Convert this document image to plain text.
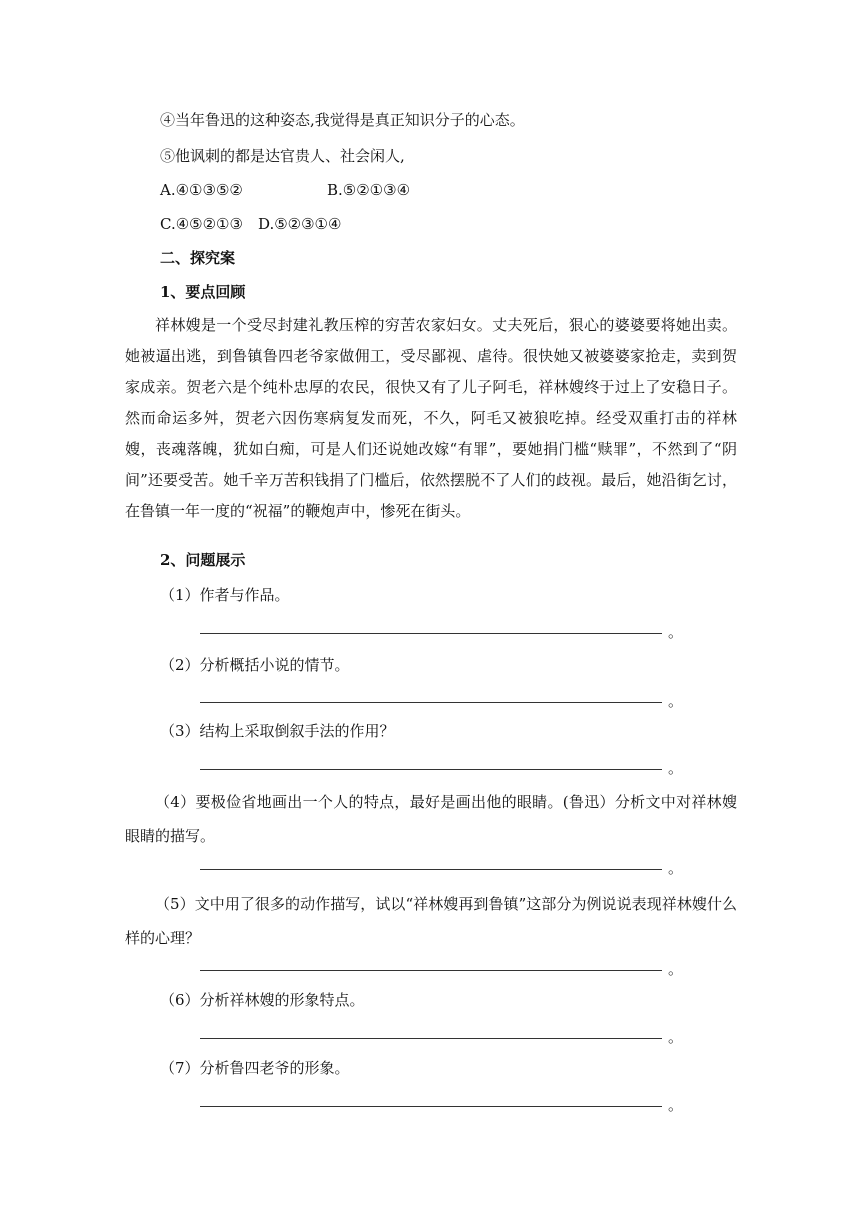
④当年鲁迅的这种姿态,我觉得是真正知识分子的心态。
⑤他讽刺的都是达官贵人、社会闲人,
A.④①③⑤②	B.⑤②①③④
C.④⑤②①③　D.⑤②③①④
二、探究案
1、要点回顾
祥林嫂是一个受尽封建礼教压榨的穷苦农家妇女。丈夫死后，狠心的婆婆要将她出卖。她被逼出逃，到鲁镇鲁四老爷家做佣工，受尽鄙视、虐待。很快她又被婆婆家抢走，卖到贺家成亲。贺老六是个纯朴忠厚的农民，很快又有了儿子阿毛，祥林嫂终于过上了安稳日子。然而命运多舛，贺老六因伤寒病复发而死，不久，阿毛又被狼吃掉。经受双重打击的祥林嫂，丧魂落魄，犹如白痴，可是人们还说她改嫁“有罪”，要她捐门槛“赎罪”，不然到了“阴间”还要受苦。她千辛万苦积钱捐了门槛后，依然摆脱不了人们的歧视。最后，她沿街乞讨，在鲁镇一年一度的“祝福”的鞭炮声中，惨死在街头。
2、问题展示
（1）作者与作品。
。
（2）分析概括小说的情节。
。
（3）结构上采取倒叙手法的作用？
。
（4）要极俭省地画出一个人的特点，最好是画出他的眼睛。(鲁迅）分析文中对祥林嫂眼睛的描写。
。
（5）文中用了很多的动作描写，试以“祥林嫂再到鲁镇”这部分为例说说表现祥林嫂什么样的心理？
。
（6）分析祥林嫂的形象特点。
。
（7）分析鲁四老爷的形象。
。
